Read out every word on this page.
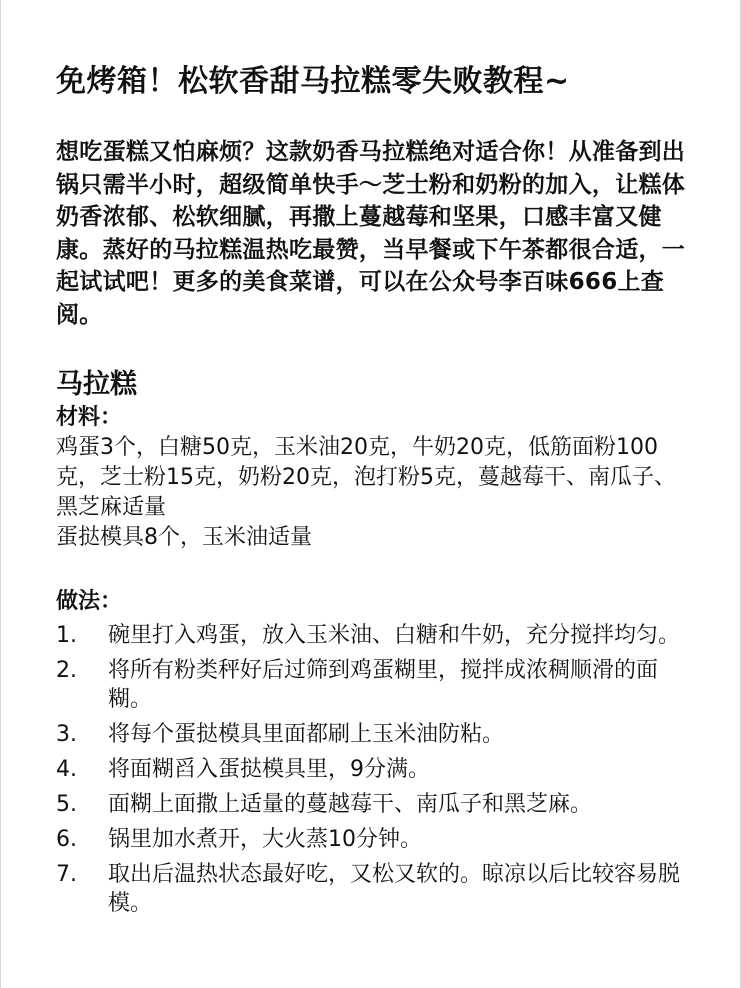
免烤箱！松软香甜马拉糕零失败教程~

想吃蛋糕又怕麻烦？这款奶香马拉糕绝对适合你！从准备到出锅只需半小时，超级简单快手～芝士粉和奶粉的加入，让糕体奶香浓郁、松软细腻，再撒上蔓越莓和坚果，口感丰富又健康。蒸好的马拉糕温热吃最赞，当早餐或下午茶都很合适，一起试试吧！更多的美食菜谱，可以在公众号李百味666上查阅。

马拉糕
材料：

鸡蛋3个，白糖50克，玉米油20克，牛奶20克，低筋面粉100克，芝士粉15克，奶粉20克，泡打粉5克，蔓越莓干、南瓜子、黑芝麻适量

蛋挞模具8个，玉米油适量

做法：
1.	碗里打入鸡蛋，放入玉米油、白糖和牛奶，充分搅拌均匀。
2.	将所有粉类秤好后过筛到鸡蛋糊里，搅拌成浓稠顺滑的面糊。
3.	将每个蛋挞模具里面都刷上玉米油防粘。
4.	将面糊舀入蛋挞模具里，9分满。
5.	面糊上面撒上适量的蔓越莓干、南瓜子和黑芝麻。
6.	锅里加水煮开，大火蒸10分钟。
7.	取出后温热状态最好吃，又松又软的。晾凉以后比较容易脱模。
